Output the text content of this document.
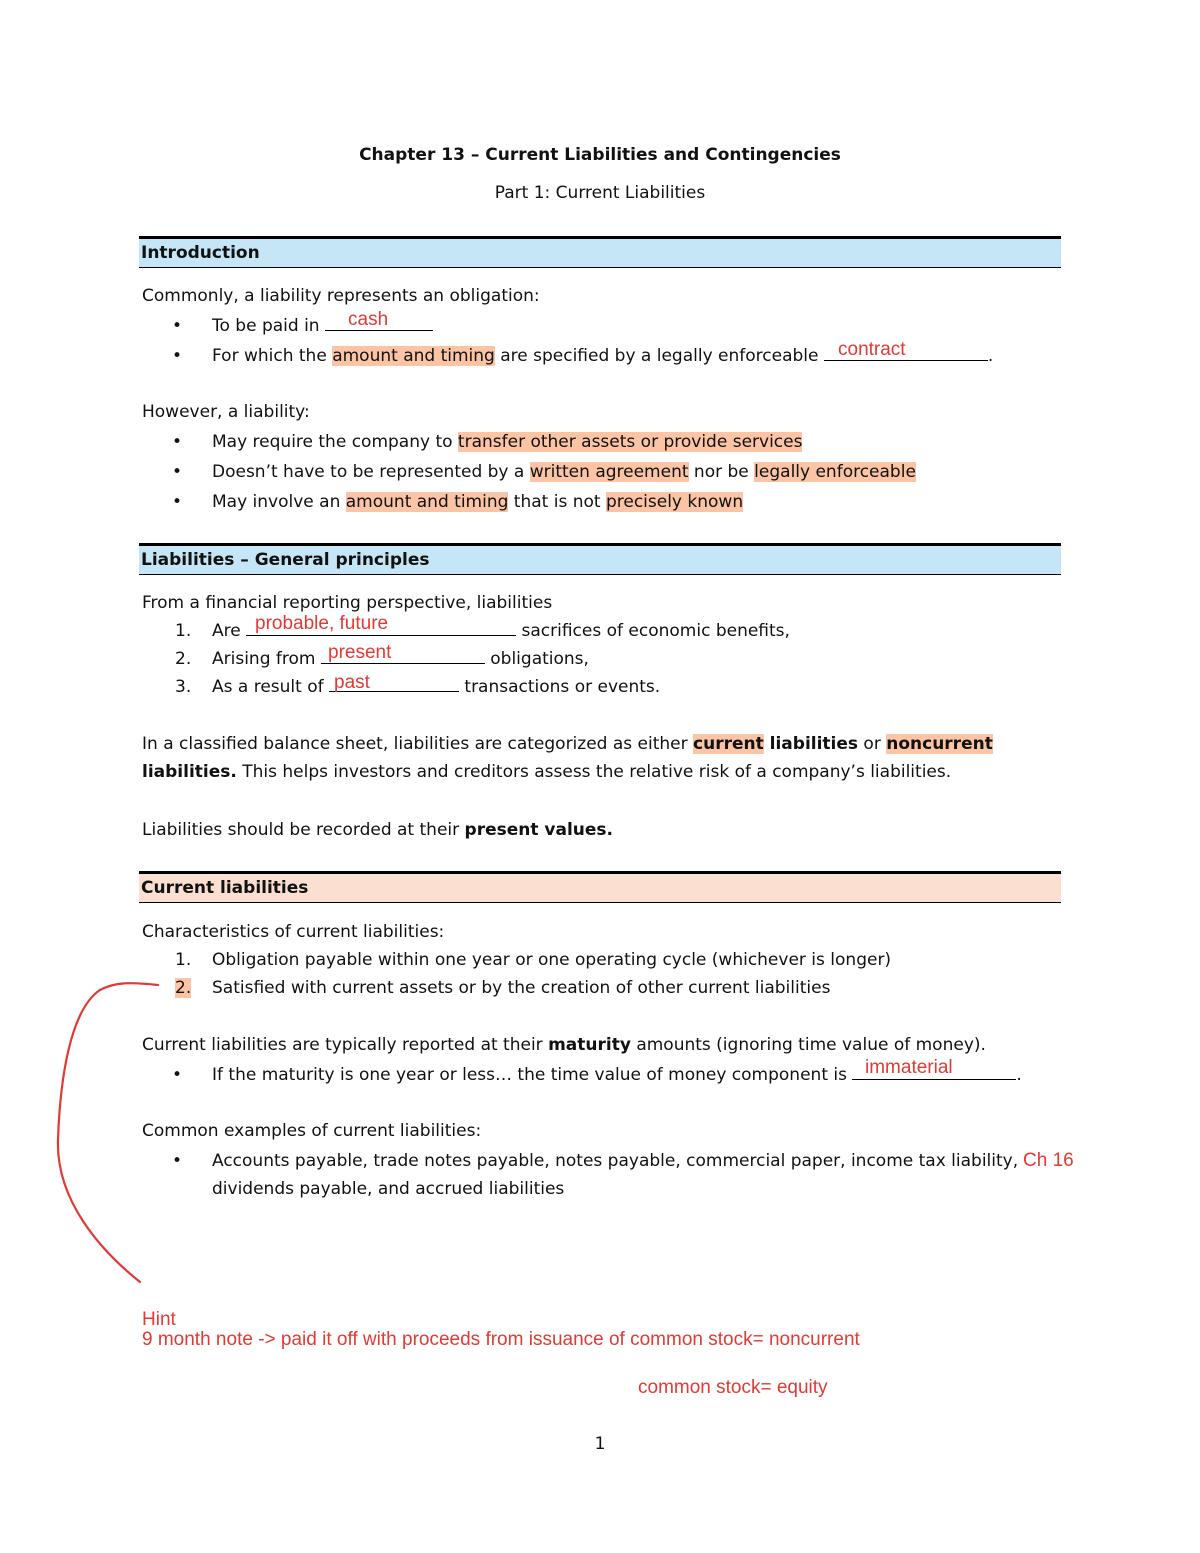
Chapter 13 – Current Liabilities and Contingencies
Part 1: Current Liabilities
Introduction
Commonly, a liability represents an obligation:
• To be paid in	cash
• For which the amount and timing are specified by a legally enforceable	.
contract
However, a liability:
• May require the company to transfer other assets or provide services
• Doesn’t have to be represented by a written agreement nor be legally enforceable
• May involve an amount and timing that is not precisely known
Liabilities – General principles
From a financial reporting perspective, liabilities
1. Are	sacrifices of economic benefits,
probable, future
2. Arising from	obligations,
present
3. As a result of	transactions or events.
past
In a classified balance sheet, liabilities are categorized as either current liabilities or noncurrent
liabilities. This helps investors and creditors assess the relative risk of a company’s liabilities.
Liabilities should be recorded at their present values.
Current liabilities
Characteristics of current liabilities:
1. Obligation payable within one year or one operating cycle (whichever is longer)
2. Satisfied with current assets or by the creation of other current liabilities
Current liabilities are typically reported at their maturity amounts (ignoring time value of money).
• If the maturity is one year or less… the time value of money component is	.
immaterial
Common examples of current liabilities:
• Accounts payable, trade notes payable, notes payable, commercial paper, income tax liability, Ch 16
dividends payable, and accrued liabilities
Hint
9 month note -> paid it off with proceeds from issuance of common stock= noncurrent
common stock= equity
1
